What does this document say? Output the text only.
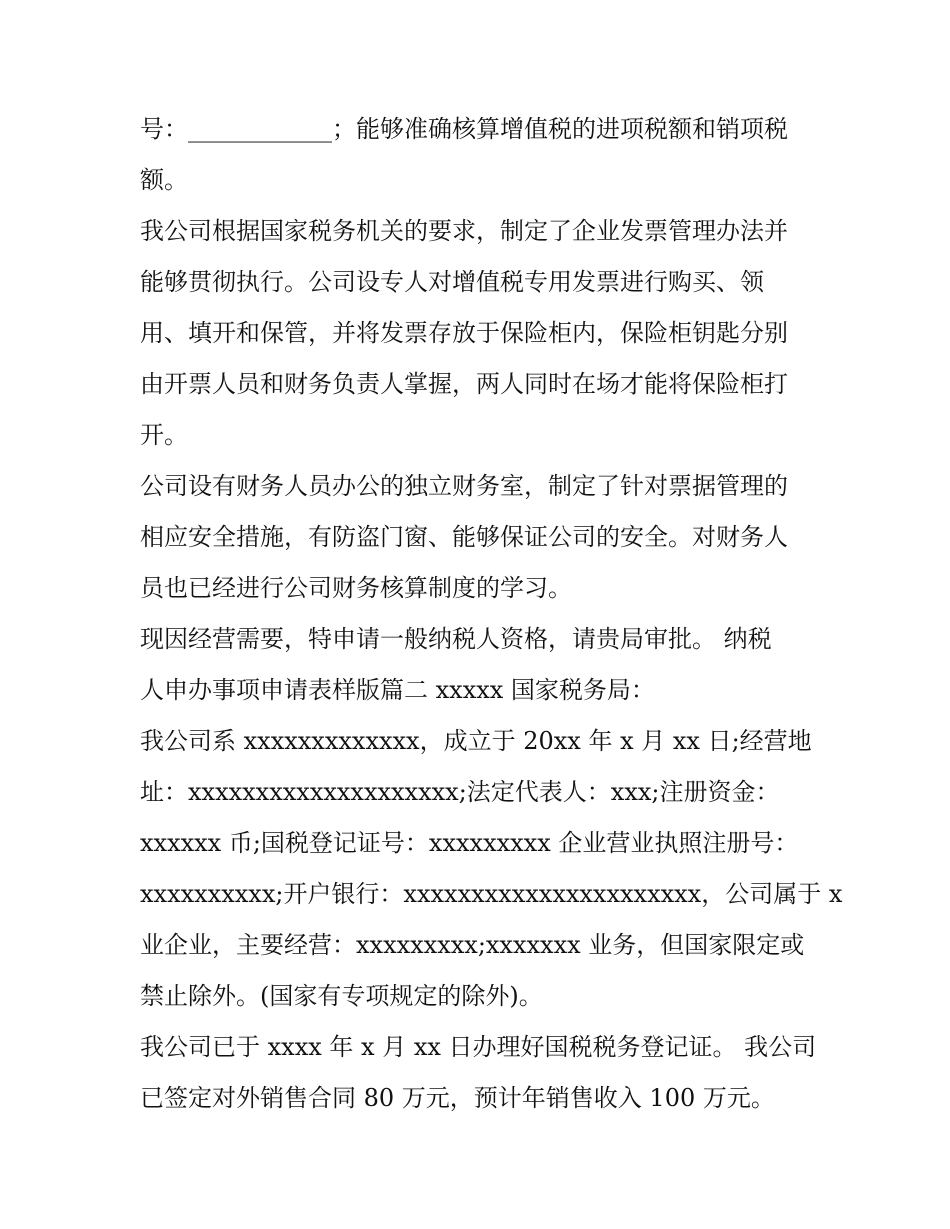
号：____________；能够准确核算增值税的进项税额和销项税
额。
我公司根据国家税务机关的要求，制定了企业发票管理办法并
能够贯彻执行。公司设专人对增值税专用发票进行购买、领
用、填开和保管，并将发票存放于保险柜内，保险柜钥匙分别
由开票人员和财务负责人掌握，两人同时在场才能将保险柜打
开。
公司设有财务人员办公的独立财务室，制定了针对票据管理的
相应安全措施，有防盗门窗、能够保证公司的安全。对财务人
员也已经进行公司财务核算制度的学习。
现因经营需要，特申请一般纳税人资格，请贵局审批。 纳税
人申办事项申请表样版篇二 xxxxx 国家税务局：
我公司系 xxxxxxxxxxxxx，成立于 20xx 年 x 月 xx 日;经营地
址：xxxxxxxxxxxxxxxxxxxx;法定代表人：xxx;注册资金：
xxxxxx 币;国税登记证号：xxxxxxxxx 企业营业执照注册号：
xxxxxxxxxx;开户银行：xxxxxxxxxxxxxxxxxxxxxx，公司属于 x
业企业，主要经营：xxxxxxxxx;xxxxxxx 业务，但国家限定或
禁止除外。(国家有专项规定的除外)。
我公司已于 xxxx 年 x 月 xx 日办理好国税税务登记证。 我公司
已签定对外销售合同 80 万元，预计年销售收入 100 万元。
